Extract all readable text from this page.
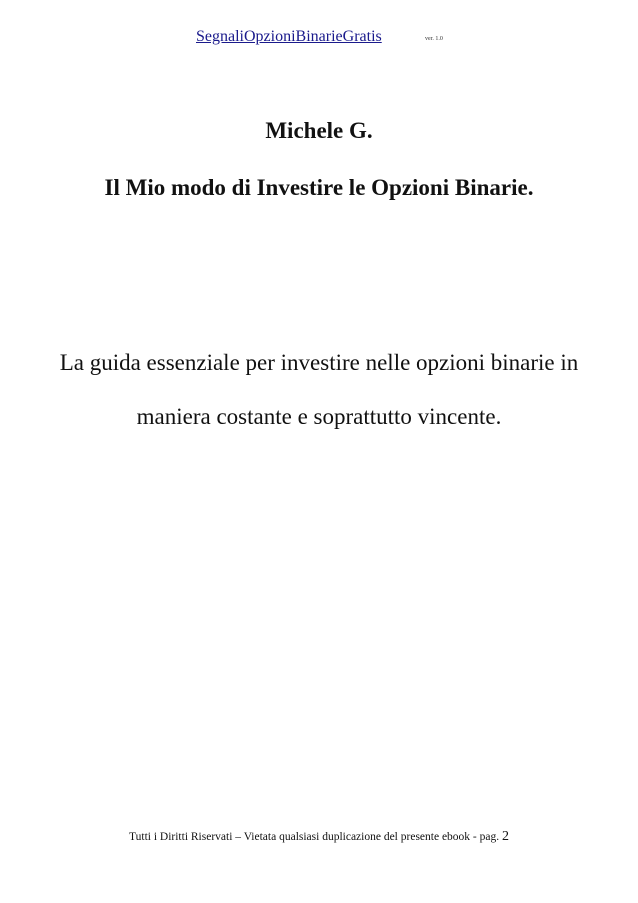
SegnaliOpzioniBinarieGratis	ver. 1.0
Michele G.
Il Mio modo di Investire le Opzioni Binarie.
La guida essenziale per investire nelle opzioni binarie in maniera costante e soprattutto vincente.
Tutti i Diritti Riservati – Vietata qualsiasi duplicazione del presente ebook - pag. 2
